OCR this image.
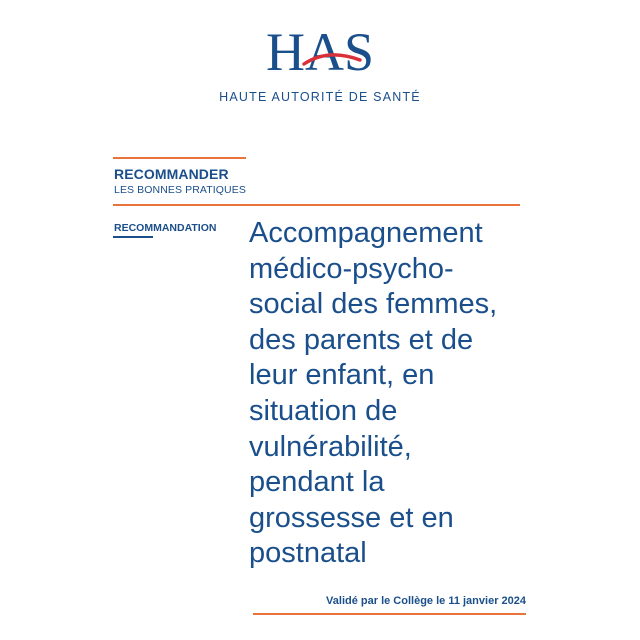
HAS
HAUTE AUTORITÉ DE SANTÉ
RECOMMANDER
LES BONNES PRATIQUES
RECOMMANDATION Accompagnement
médico-psycho-
social des femmes,
des parents et de
leur enfant, en
situation de
vulnérabilité,
pendant la
grossesse et en
postnatal
Validé par le Collège le 11 janvier 2024
